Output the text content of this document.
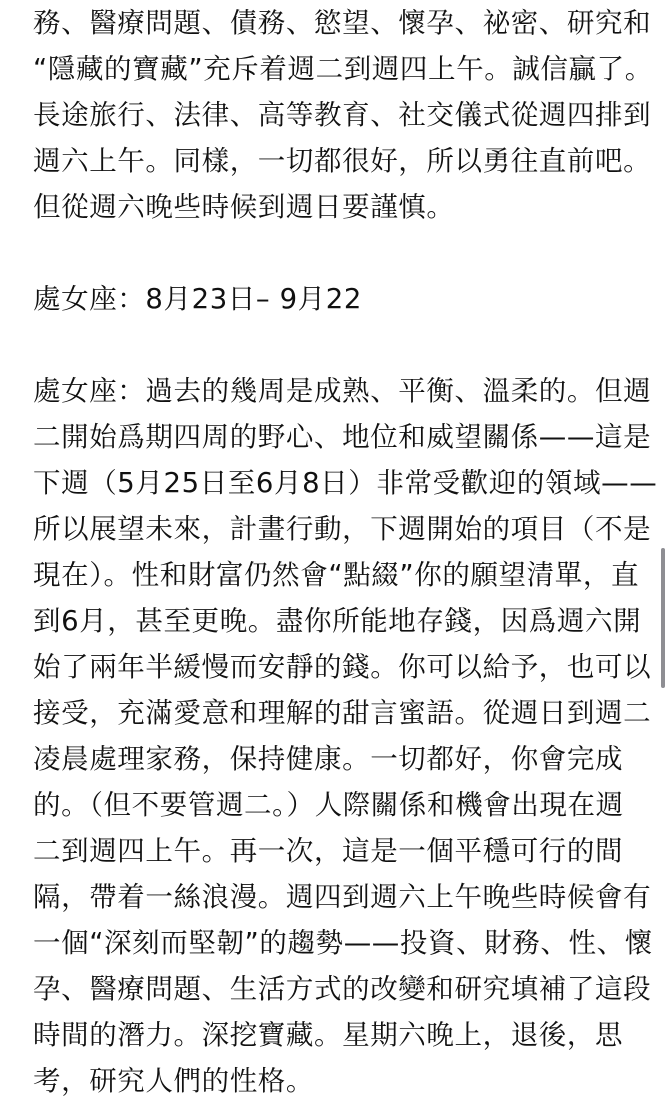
務、醫療問題、債務、慾望、懷孕、祕密、研究和
“隱藏的寶藏”充斥着週二到週四上午。誠信贏了。
長途旅行、法律、高等教育、社交儀式從週四排到
週六上午。同樣，一切都很好，所以勇往直前吧。
但從週六晚些時候到週日要謹慎。
處女座：8月23日– 9月22
處女座：過去的幾周是成熟、平衡、溫柔的。但週
二開始爲期四周的野心、地位和威望關係——這是
下週（5月25日至6月8日）非常受歡迎的領域——
所以展望未來，計畫行動，下週開始的項目（不是
現在）。性和財富仍然會“點綴”你的願望清單，直
到6月，甚至更晚。盡你所能地存錢，因爲週六開
始了兩年半緩慢而安靜的錢。你可以給予，也可以
接受，充滿愛意和理解的甜言蜜語。從週日到週二
凌晨處理家務，保持健康。一切都好，你會完成
的。（但不要管週二。）人際關係和機會出現在週
二到週四上午。再一次，這是一個平穩可行的間
隔，帶着一絲浪漫。週四到週六上午晚些時候會有
一個“深刻而堅韌”的趨勢——投資、財務、性、懷
孕、醫療問題、生活方式的改變和研究填補了這段
時間的潛力。深挖寶藏。星期六晚上，退後，思
考，研究人們的性格。
